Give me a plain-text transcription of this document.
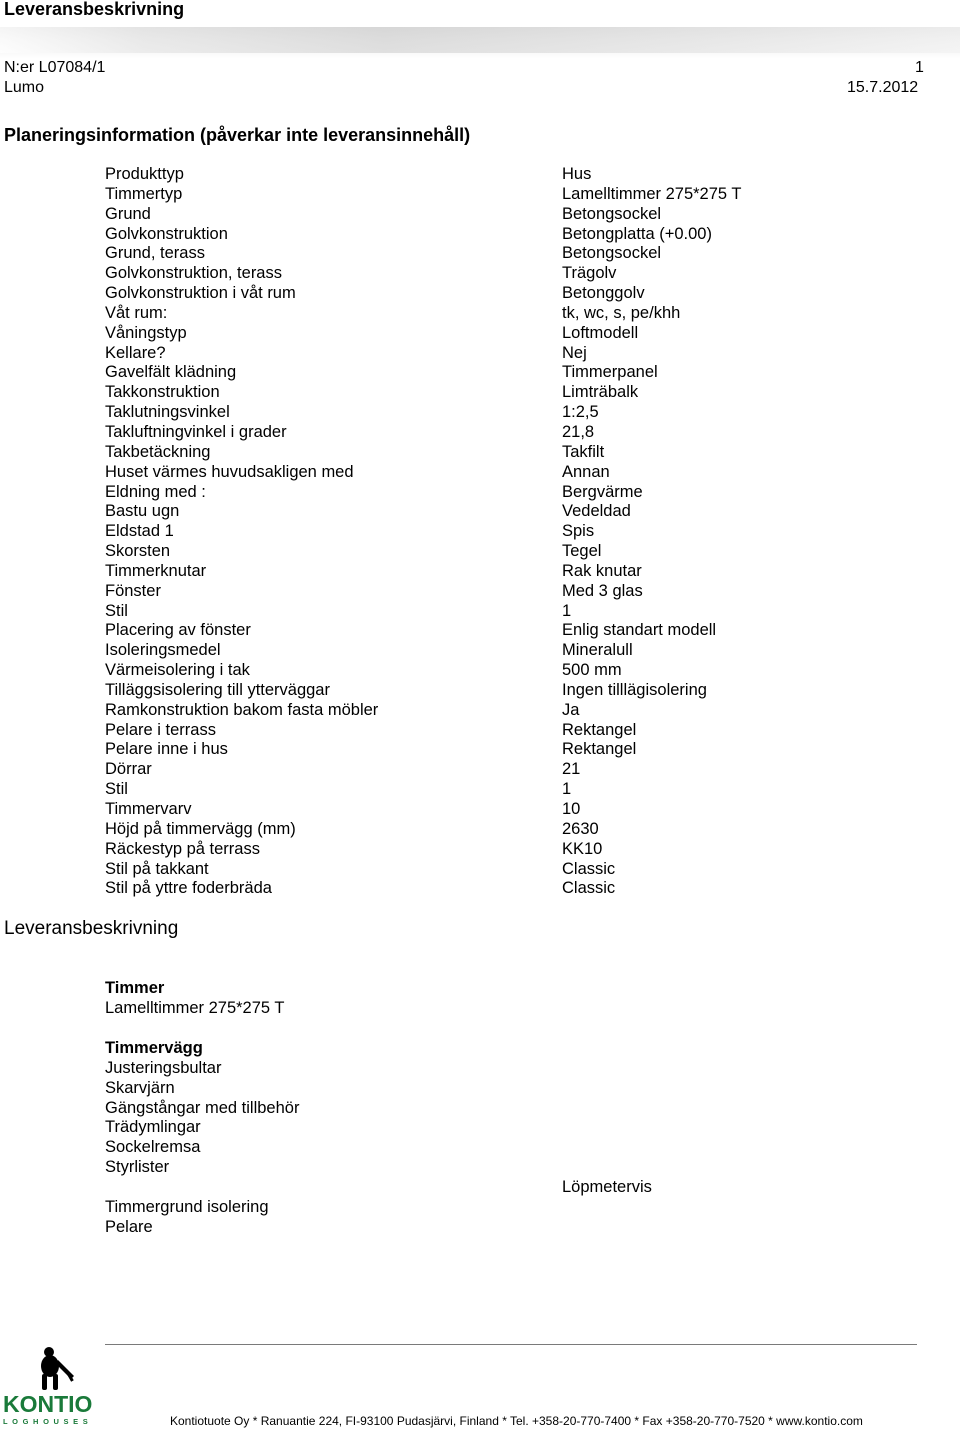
Leveransbeskrivning
N:er L07084/1	1
Lumo	15.7.2012
Planeringsinformation (påverkar inte leveransinnehåll)
Produkttyp	Hus
Timmertyp	Lamelltimmer 275*275 T
Grund	Betongsockel
Golvkonstruktion	Betongplatta (+0.00)
Grund, terass	Betongsockel
Golvkonstruktion, terass	Trägolv
Golvkonstruktion i våt rum	Betonggolv
Våt rum:	tk, wc, s, pe/khh
Våningstyp	Loftmodell
Kellare?	Nej
Gavelfält klädning	Timmerpanel
Takkonstruktion	Limträbalk
Taklutningsvinkel	1:2,5
Takluftningvinkel i grader	21,8
Takbetäckning	Takfilt
Huset värmes huvudsakligen med	Annan
Eldning med :	Bergvärme
Bastu ugn	Vedeldad
Eldstad 1	Spis
Skorsten	Tegel
Timmerknutar	Rak knutar
Fönster	Med 3 glas
Stil	1
Placering av fönster	Enlig standart modell
Isoleringsmedel	Mineralull
Värmeisolering i tak	500 mm
Tilläggsisolering till ytterväggar	Ingen tilllägisolering
Ramkonstruktion bakom fasta möbler	Ja
Pelare i terrass	Rektangel
Pelare inne i hus	Rektangel
Dörrar	21
Stil	1
Timmervarv	10
Höjd på timmervägg (mm)	2630
Räckestyp på terrass	KK10
Stil på takkant	Classic
Stil på yttre foderbräda	Classic
Leveransbeskrivning
Timmer
Lamelltimmer 275*275 T
Timmervägg
Justeringsbultar
Skarvjärn
Gängstångar med tillbehör
Trädymlingar
Sockelremsa
Styrlister
Timmergrund isolering
Pelare
Löpmetervis
KONTIO
LOGHOUSES	Kontiotuote Oy * Ranuantie 224, FI-93100 Pudasjärvi, Finland * Tel. +358-20-770-7400 * Fax +358-20-770-7520 * www.kontio.com
